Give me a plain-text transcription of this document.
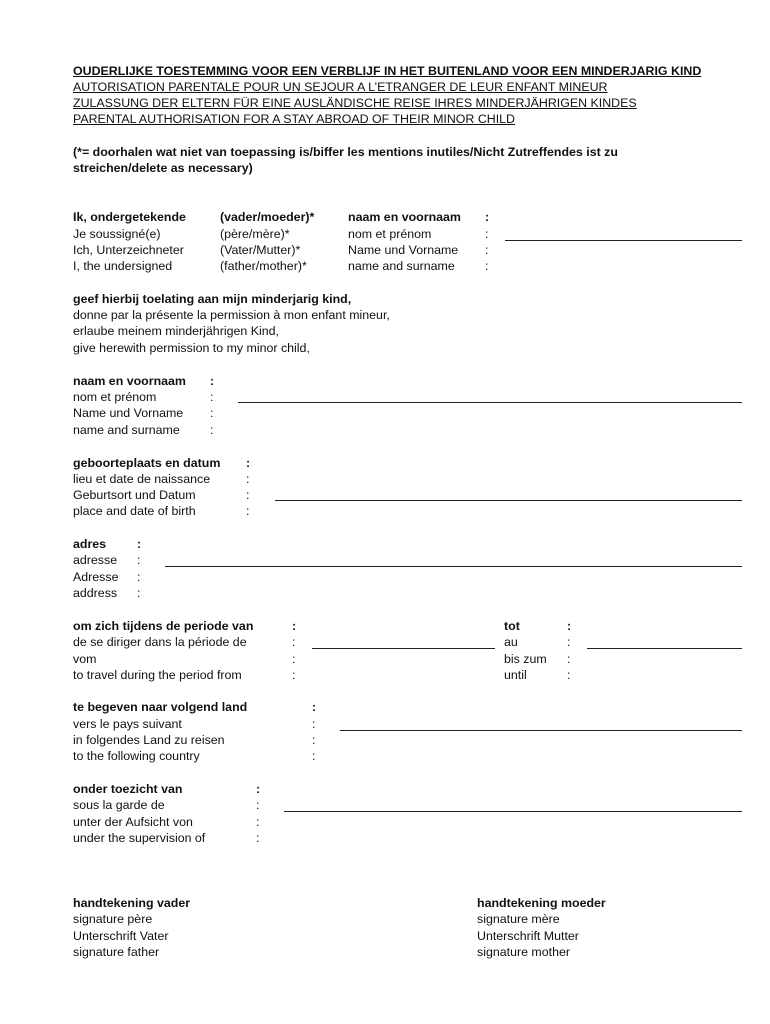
OUDERLIJKE TOESTEMMING VOOR EEN VERBLIJF IN HET BUITENLAND VOOR EEN MINDERJARIG KIND
AUTORISATION PARENTALE POUR UN SEJOUR A L’ETRANGER DE LEUR ENFANT MINEUR
ZULASSUNG DER ELTERN FÜR EINE AUSLÄNDISCHE REISE IHRES MINDERJÄHRIGEN KINDES
PARENTAL AUTHORISATION FOR A STAY ABROAD OF THEIR MINOR CHILD
(*= doorhalen wat niet van toepassing is/biffer les mentions inutiles/Nicht Zutreffendes ist zu
streichen/delete as necessary)
Ik, ondergetekende
Je soussigné(e)
Ich, Unterzeichneter
I, the undersigned
(vader/moeder)*
(père/mère)*
(Vater/Mutter)*
(father/mother)*
naam en voornaam
nom et prénom
Name und Vorname
name and surname
:
:
:
:
geef hierbij toelating aan mijn minderjarig kind,
donne par la présente la permission à mon enfant mineur,
erlaube meinem minderjährigen Kind,
give herewith permission to my minor child,
naam en voornaam
nom et prénom
Name und Vorname
name and surname
:
:
:
:
geboorteplaats en datum
lieu et date de naissance
Geburtsort und Datum
place and date of birth
:
:
:
:
adres
adresse
Adresse
address
:
:
:
:
om zich tijdens de periode van
de se diriger dans la période de
vom
to travel during the period from
:
:
:
:
tot
au
bis zum
until
:
:
:
:
te begeven naar volgend land
vers le pays suivant
in folgendes Land zu reisen
to the following country
:
:
:
:
onder toezicht van
sous la garde de
unter der Aufsicht von
under the supervision of
:
:
:
:
handtekening vader
signature père
Unterschrift Vater
signature father
handtekening moeder
signature mère
Unterschrift Mutter
signature mother
